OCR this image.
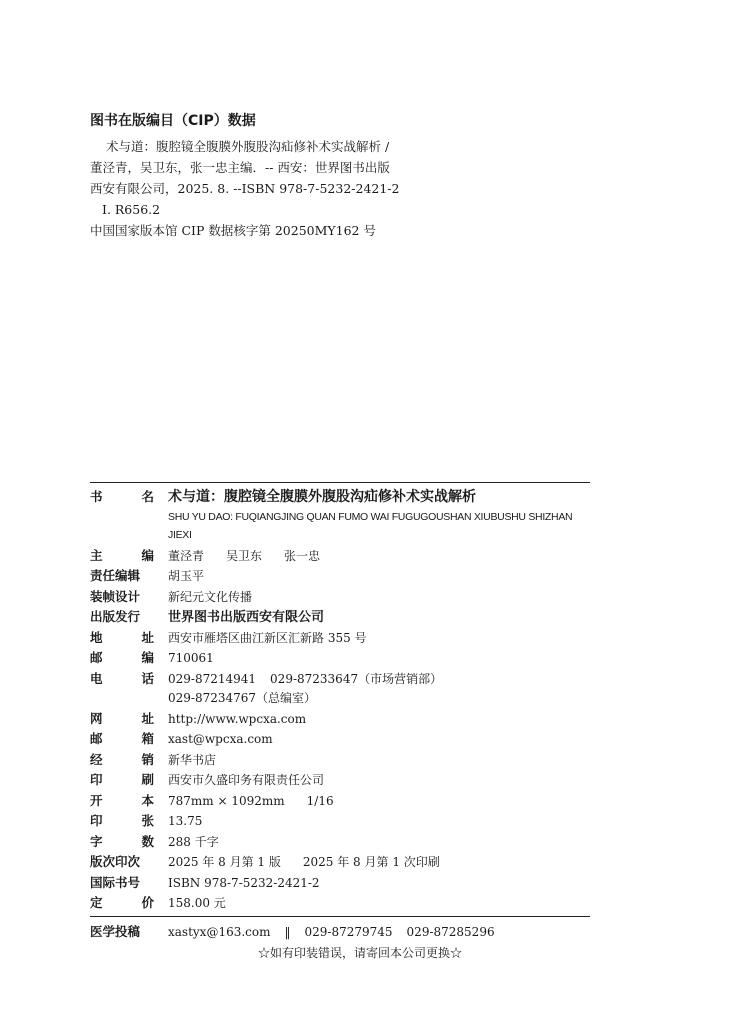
图书在版编目（CIP）数据
术与道：腹腔镜全腹膜外腹股沟疝修补术实战解析 /
董泾青，吴卫东，张一忠主编．-- 西安：世界图书出版
西安有限公司，2025. 8. --ISBN 978-7-5232-2421-2
Ⅰ. R656.2
中国国家版本馆 CIP 数据核字第 20250MY162 号
书	名 术与道：腹腔镜全腹膜外腹股沟疝修补术实战解析
SHU YU DAO: FUQIANGJING QUAN FUMO WAI FUGUGOUSHAN XIUBUSHU SHIZHAN JIEXI
主	编 董泾青 吴卫东 张一忠
责任编辑	胡玉平
装帧设计	新纪元文化传播
出版发行	世界图书出版西安有限公司
地	址 西安市雁塔区曲江新区汇新路 355 号
邮	编 710061
电	话 029-87214941 029-87233647（市场营销部）
029-87234767（总编室）
网	址 http://www.wpcxa.com
邮	箱 xast@wpcxa.com
经	销 新华书店
印	刷 西安市久盛印务有限责任公司
开	本 787mm × 1092mm 1/16
印	张 13.75
字	数 288 千字
版次印次	2025 年 8 月第 1 版 2025 年 8 月第 1 次印刷
国际书号	ISBN 978-7-5232-2421-2
定	价 158.00 元
医学投稿	xastyx@163.com ‖ 029-87279745 029-87285296
☆如有印装错误，请寄回本公司更换☆
